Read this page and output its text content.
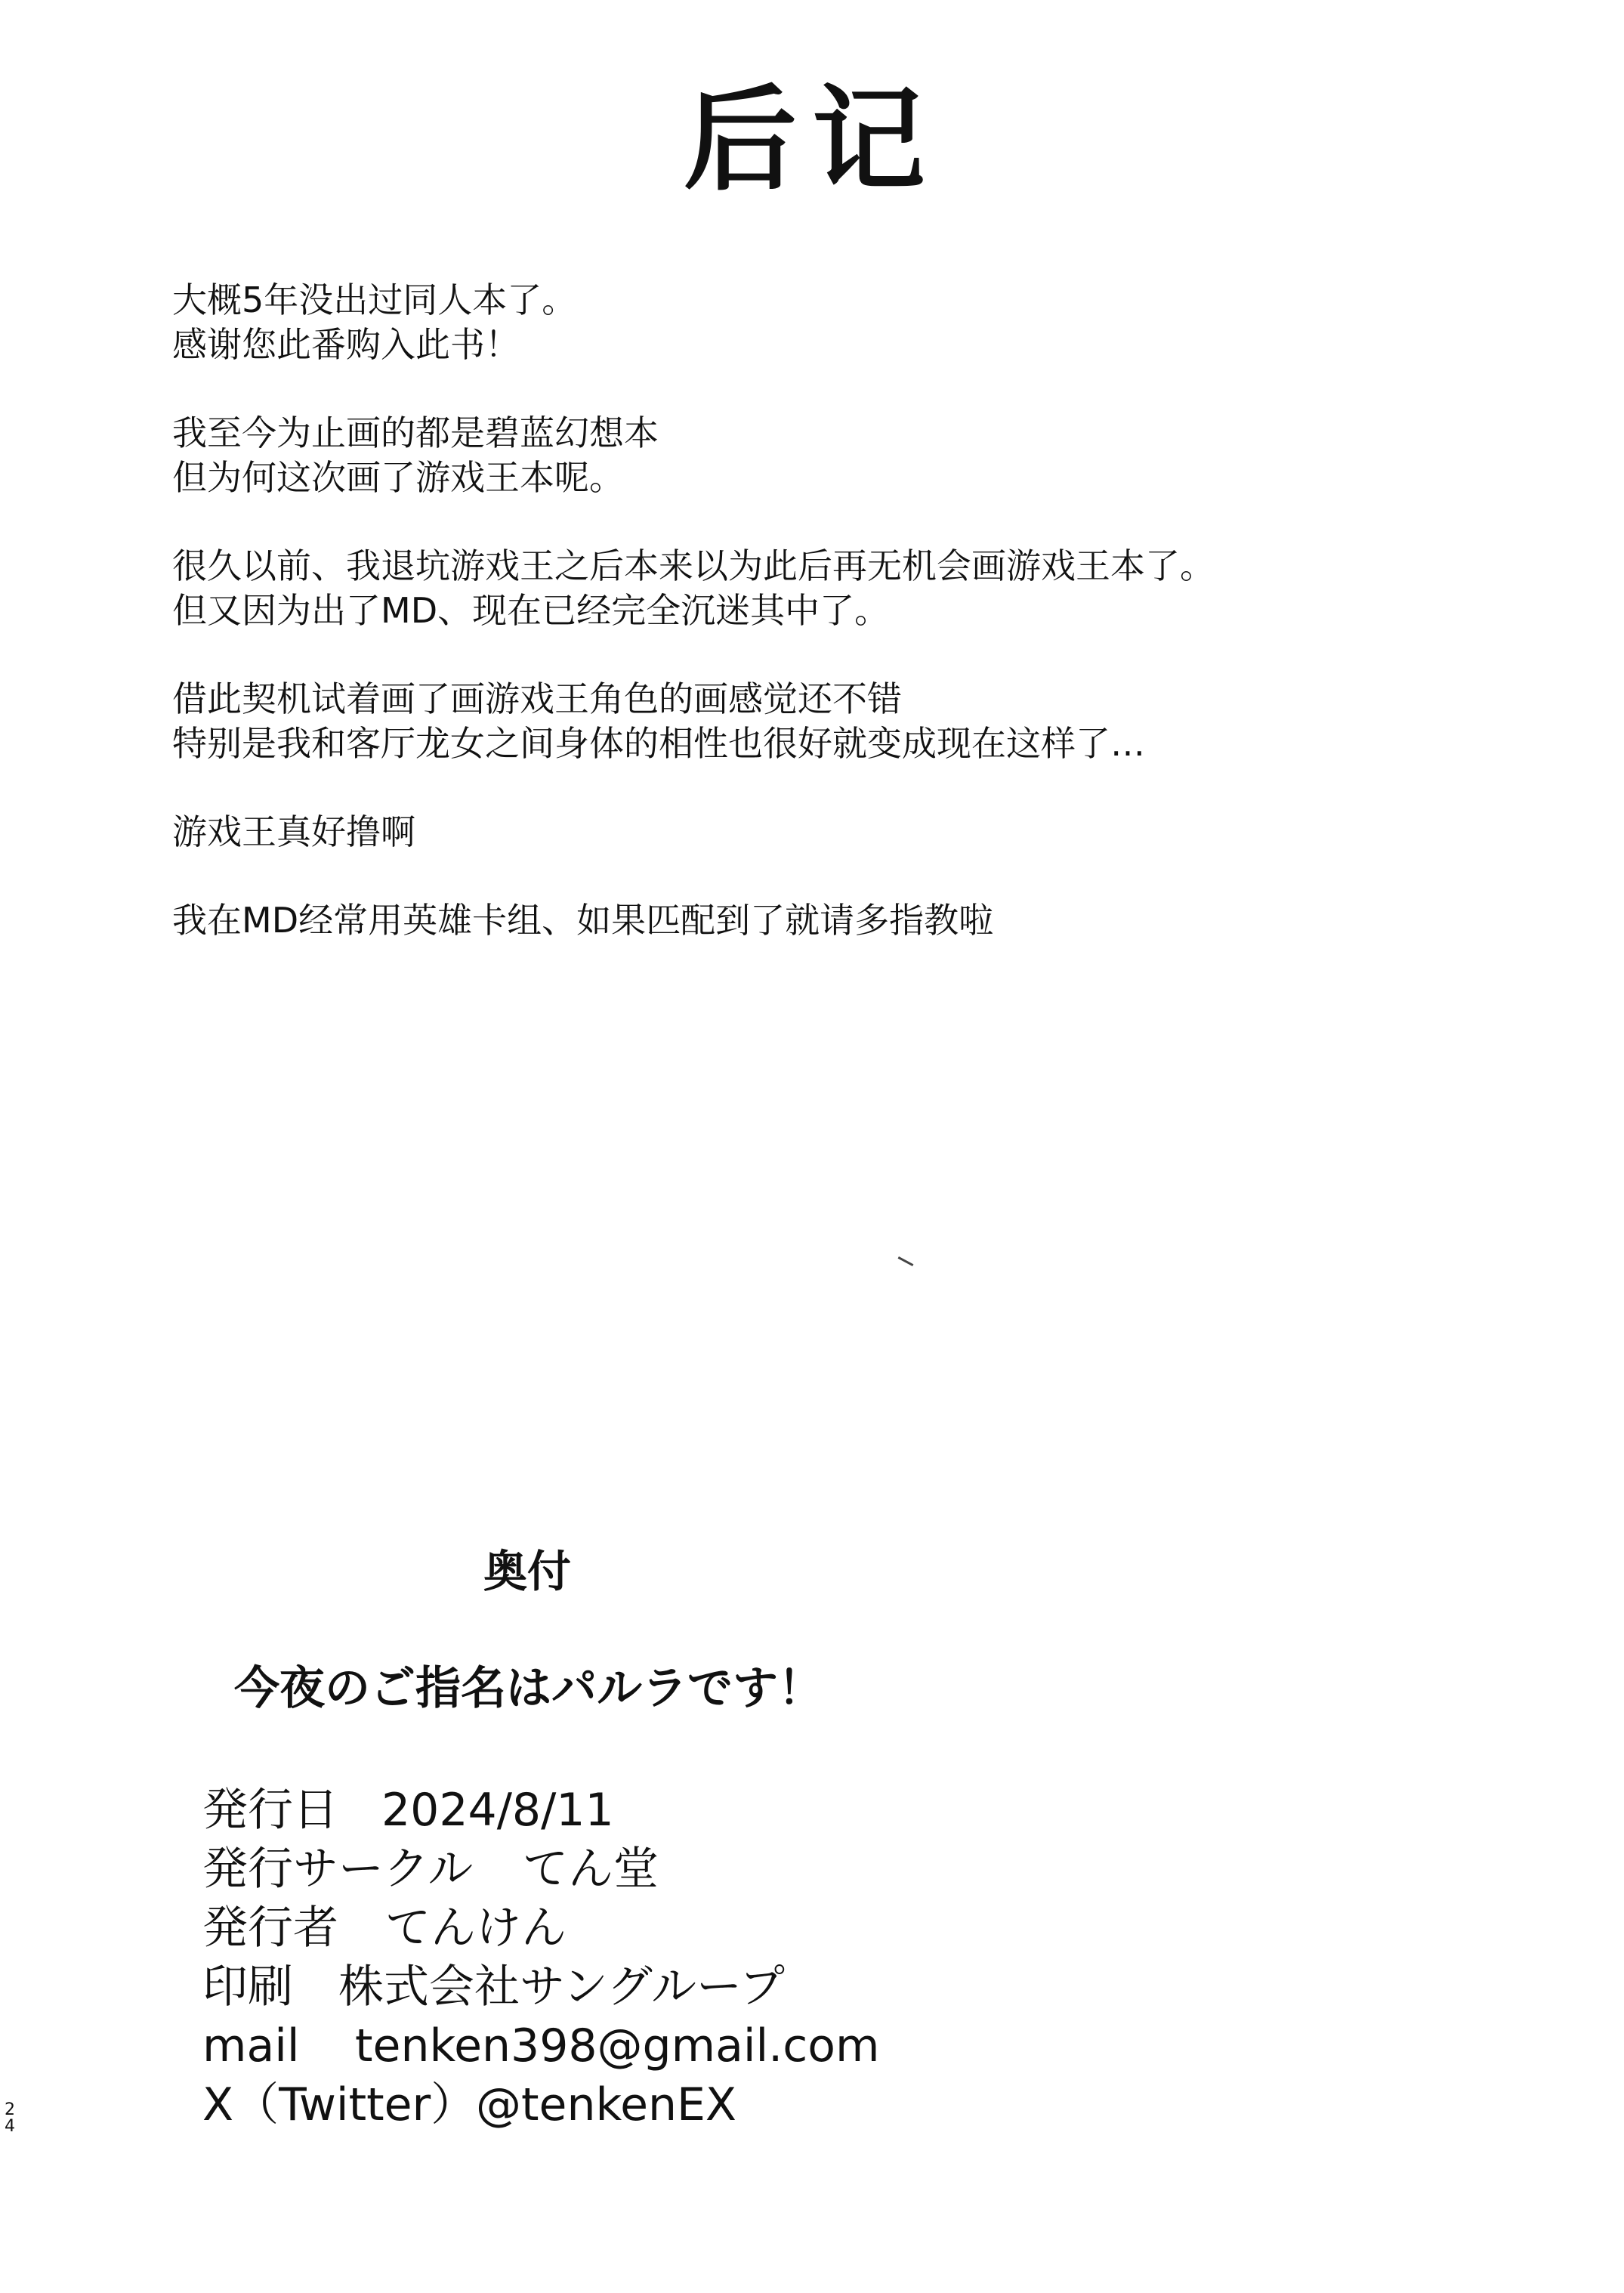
后记
大概5年没出过同人本了。
感谢您此番购入此书！
我至今为止画的都是碧蓝幻想本
但为何这次画了游戏王本呢。
很久以前、我退坑游戏王之后本来以为此后再无机会画游戏王本了。
但又因为出了MD、现在已经完全沉迷其中了。
借此契机试着画了画游戏王角色的画感觉还不错
特别是我和客厅龙女之间身体的相性也很好就变成现在这样了…
游戏王真好撸啊
我在MD经常用英雄卡组、如果匹配到了就请多指教啦
奥付
今夜のご指名はパルラです！
発行日 2024/8/11
発行サークル てん堂
発行者 てんけん
印刷 株式会社サングループ
mail tenken398@gmail.com
X（Twitter） @tenkenEX
2
4
